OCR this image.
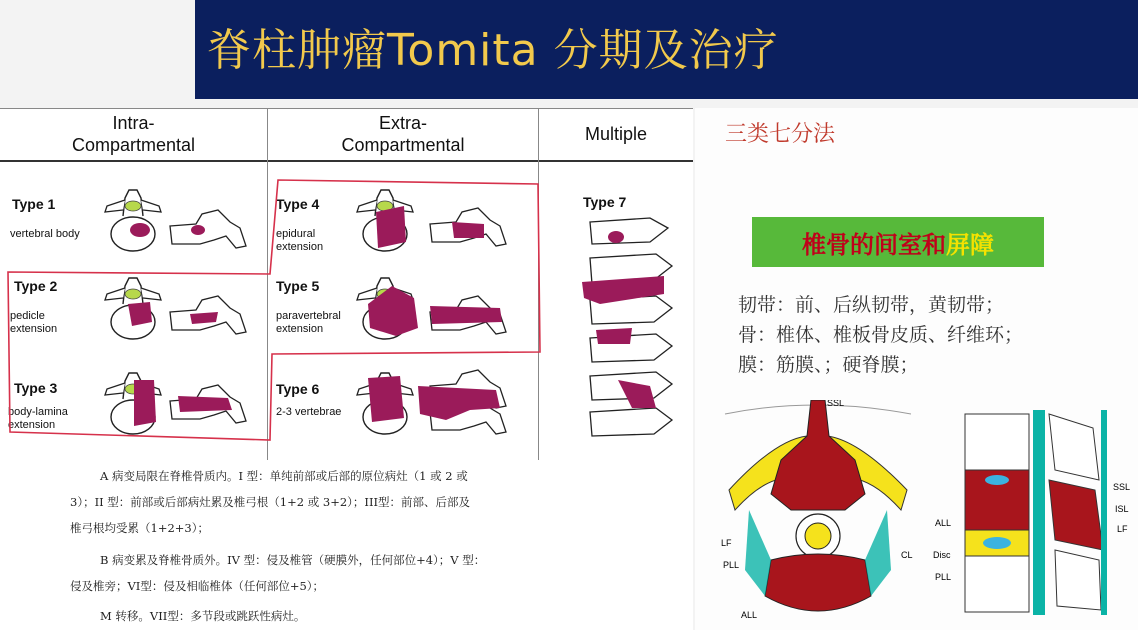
脊柱肿瘤Tomita 分期及治疗
Intra-
Compartmental
Extra-
Compartmental
Multiple
Type 1
vertebral body
Type 2
pedicle
extension
Type 3
body-lamina
extension
Type 4
epidural
extension
Type 5
paravertebral
extension
Type 6
2-3 vertebrae
Type 7
A 病变局限在脊椎骨质内。I 型：单纯前部或后部的原位病灶（1 或 2 或
3）；II 型：前部或后部病灶累及椎弓根（1+2 或 3+2）；III型：前部、后部及
椎弓根均受累（1+2+3）；
B 病变累及脊椎骨质外。IV 型：侵及椎管（硬膜外，任何部位+4）；V 型：
侵及椎旁；VI型：侵及相临椎体（任何部位+5）；
M 转移。VII型：多节段或跳跃性病灶。
三类七分法
椎骨的间室和 屏障
韧带：前、后纵韧带，黄韧带；
骨：椎体、椎板骨皮质、纤维环；
膜：筋膜、；硬脊膜；
SSL
LF
PLL
ALL
CL
SSL
ISL
LF
ALL
Disc
PLL
